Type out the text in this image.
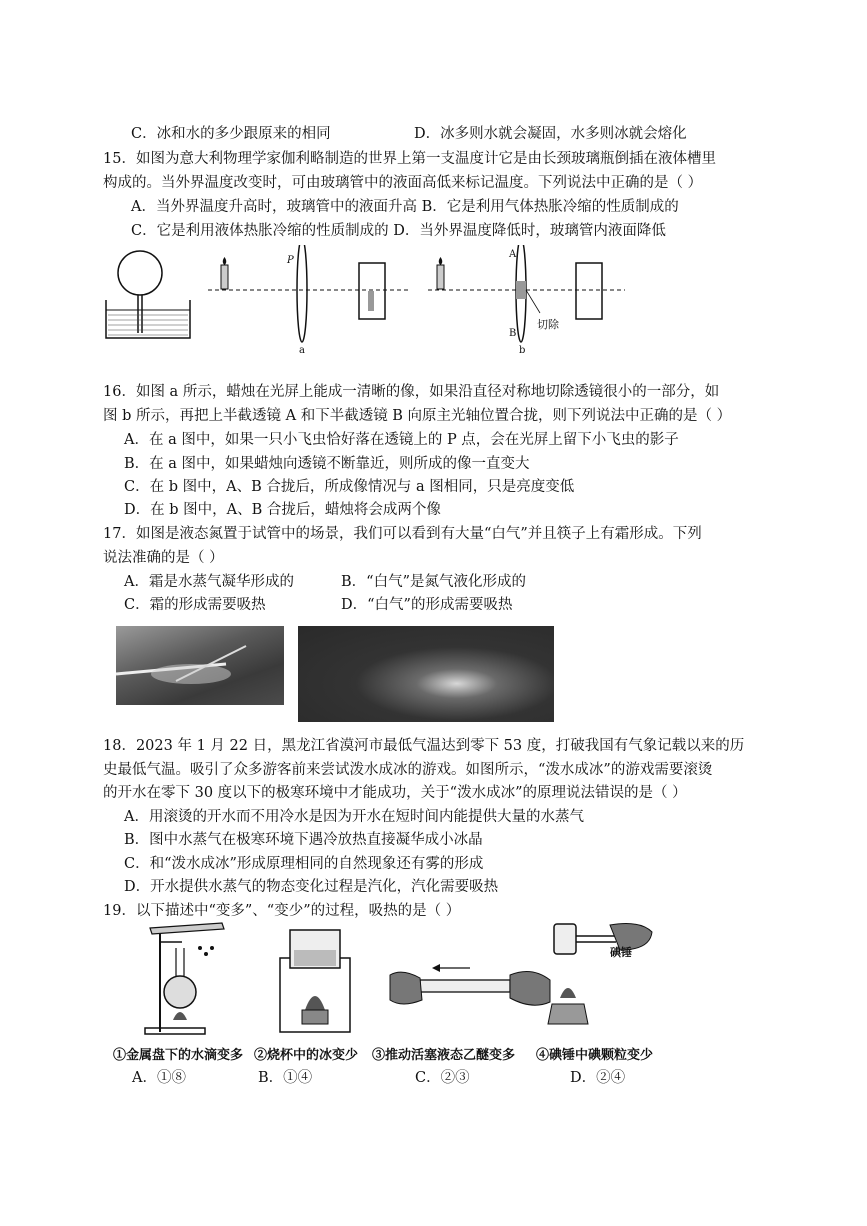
C．冰和水的多少跟原来的相同	D．冰多则水就会凝固，水多则冰就会熔化
15．如图为意大利物理学家伽利略制造的世界上第一支温度计它是由长颈玻璃瓶倒插在液体槽里
构成的。当外界温度改变时，可由玻璃管中的液面高低来标记温度。下列说法中正确的是（ ）
A．当外界温度升高时，玻璃管中的液面升高 B．它是利用气体热胀冷缩的性质制成的
C．它是利用液体热胀冷缩的性质制成的 D．当外界温度降低时，玻璃管内液面降低
P
a
A
B
b
切除
16．如图 a 所示，蜡烛在光屏上能成一清晰的像，如果沿直径对称地切除透镜很小的一部分，如
图 b 所示，再把上半截透镜 A 和下半截透镜 B 向原主光轴位置合拢，则下列说法中正确的是（ ）
A．在 a 图中，如果一只小飞虫恰好落在透镜上的 P 点，会在光屏上留下小飞虫的影子
B．在 a 图中，如果蜡烛向透镜不断靠近，则所成的像一直变大
C．在 b 图中，A、B 合拢后，所成像情况与 a 图相同，只是亮度变低
D．在 b 图中，A、B 合拢后，蜡烛将会成两个像
17．如图是液态氮置于试管中的场景，我们可以看到有大量“白气”并且筷子上有霜形成。下列
说法准确的是（ ）
A．霜是水蒸气凝华形成的	B．“白气”是氮气液化形成的
C．霜的形成需要吸热	D．“白气”的形成需要吸热
18．2023 年 1 月 22 日，黑龙江省漠河市最低气温达到零下 53 度，打破我国有气象记载以来的历
史最低气温。吸引了众多游客前来尝试泼水成冰的游戏。如图所示，“泼水成冰”的游戏需要滚烫
的开水在零下 30 度以下的极寒环境中才能成功，关于“泼水成冰”的原理说法错误的是（ ）
A．用滚烫的开水而不用冷水是因为开水在短时间内能提供大量的水蒸气
B．图中水蒸气在极寒环境下遇冷放热直接凝华成小冰晶
C．和“泼水成冰”形成原理相同的自然现象还有雾的形成
D．开水提供水蒸气的物态变化过程是汽化，汽化需要吸热
19．以下描述中“变多”、“变少”的过程，吸热的是（ ）
碘锤
①金属盘下的水滴变多 ②烧杯中的冰变少 ③推动活塞液态乙醚变多 ④碘锤中碘颗粒变少
A．①⑧	B．①④	C．②③	D．②④
